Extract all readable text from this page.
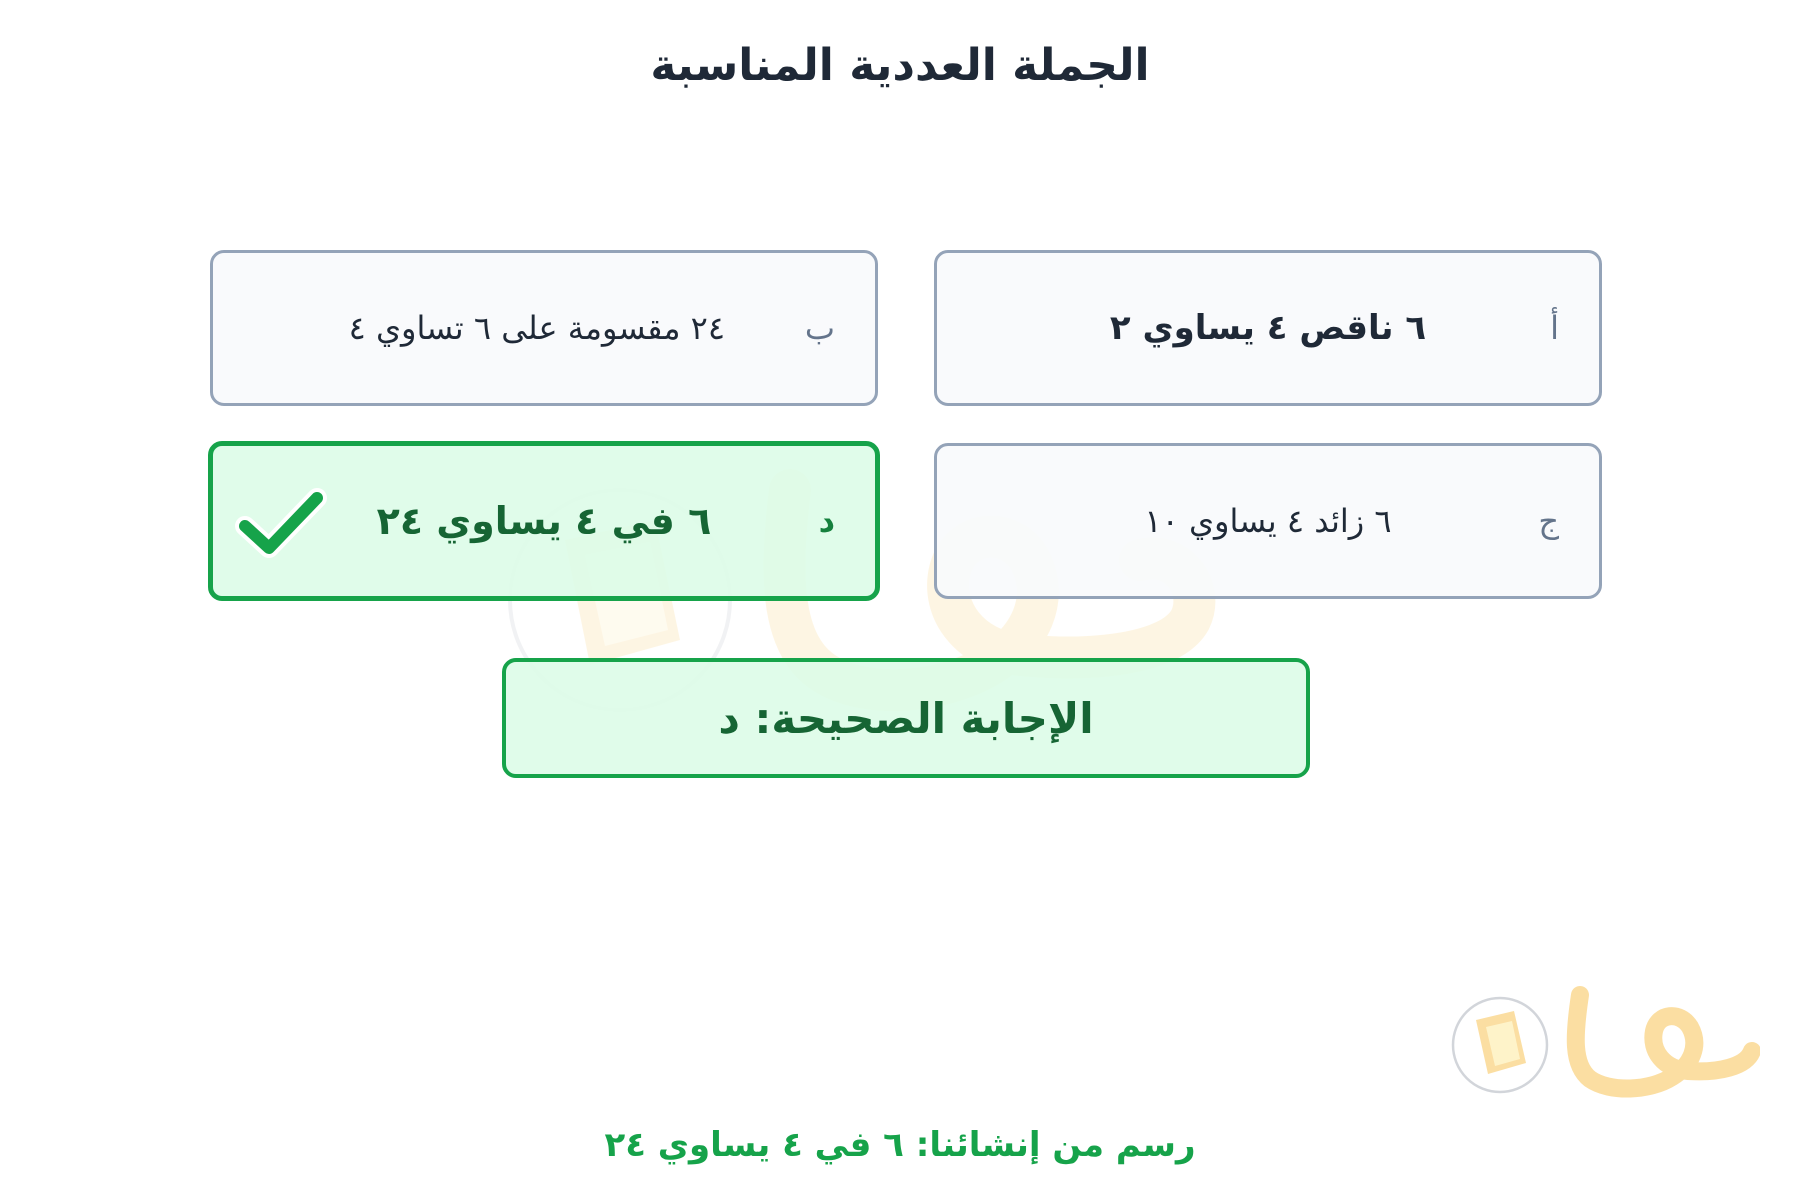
الجملة العددية المناسبة
أ
٦ ناقص ٤ يساوي ٢
ب
٢٤ مقسومة على ٦ تساوي ٤
ج
٦ زائد ٤ يساوي ١٠
د
٦ في ٤ يساوي ٢٤
الإجابة الصحيحة: د
رسم من إنشائنا: ٦ في ٤ يساوي ٢٤
